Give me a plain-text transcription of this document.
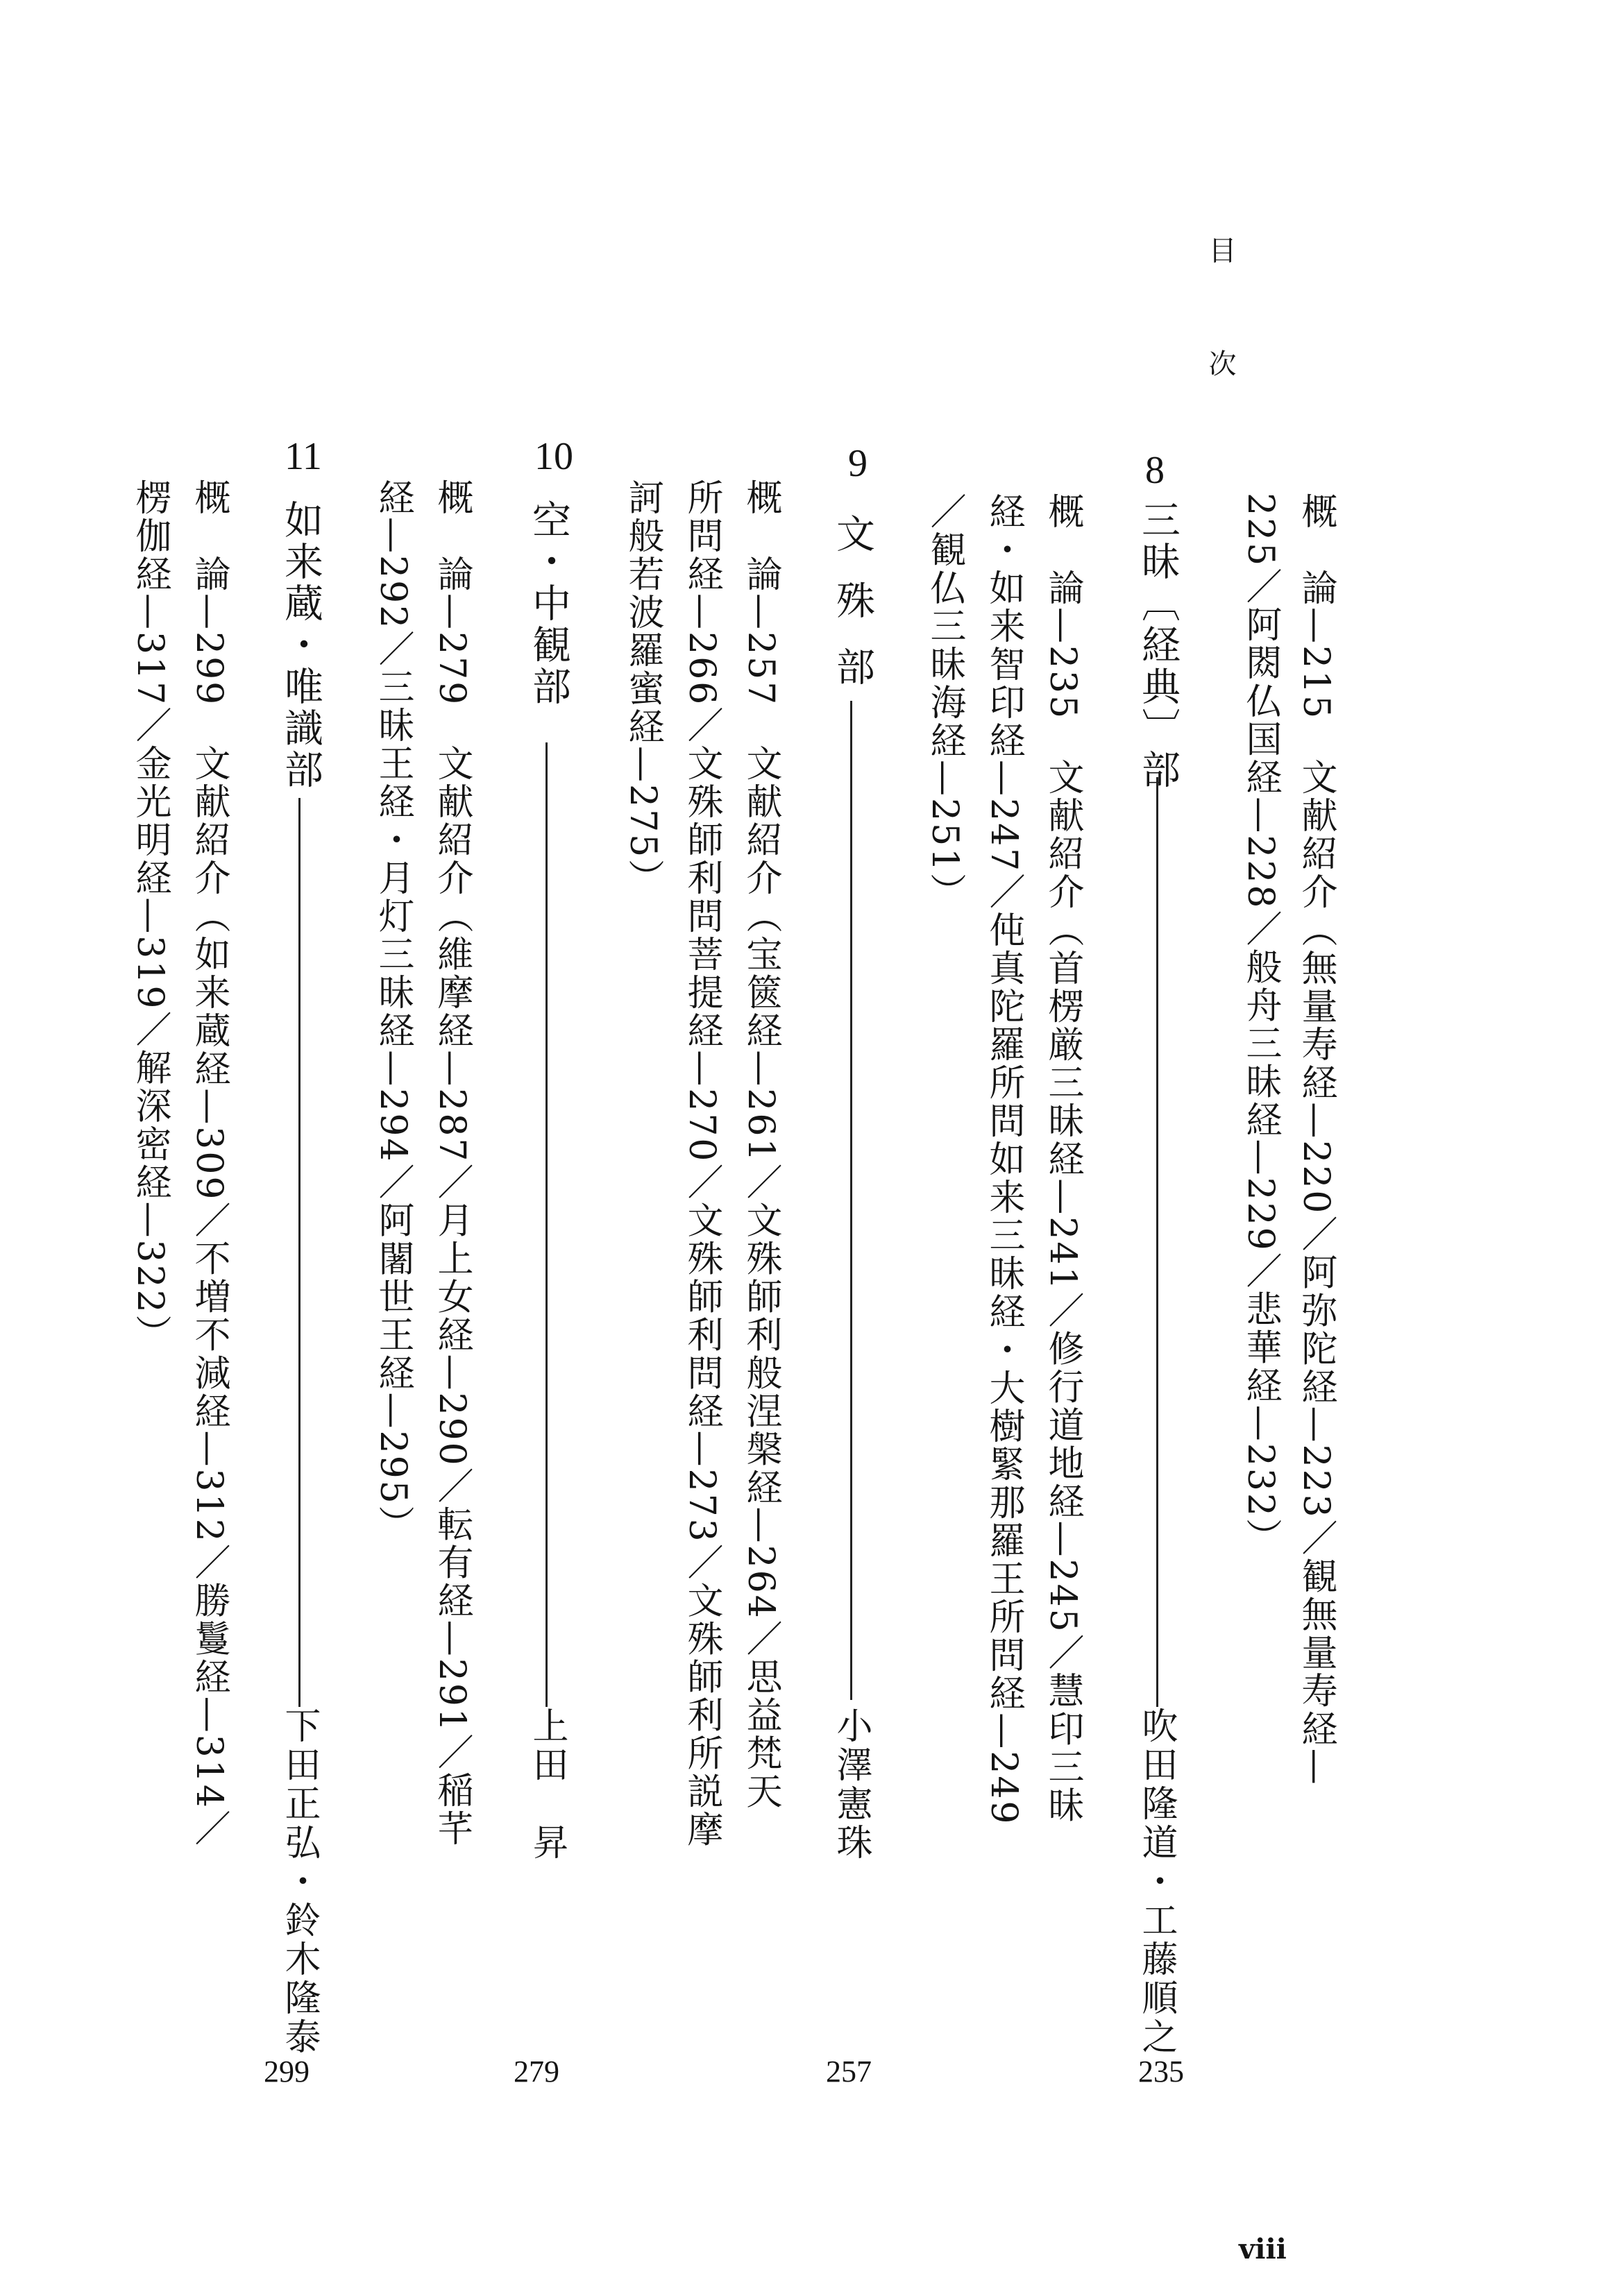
目 次
概　論—215　文献紹介（無量寿経—220／阿弥陀経—223／観無量寿経—
225／阿閦仏国経—228／般舟三昧経—229／悲華経—232）
8
三昧〔経典〕部
吹田隆道・工藤順之
235
概　論—235　文献紹介（首楞厳三昧経—241／修行道地経—245／慧印三昧
経・如来智印経—247／伅真陀羅所問如来三昧経・大樹緊那羅王所問経—249
／観仏三昧海経—251）
9
文殊部
小澤憲珠
257
概　論—257　文献紹介（宝篋経—261／文殊師利般涅槃経—264／思益梵天
所問経—266／文殊師利問菩提経—270／文殊師利問経—273／文殊師利所説摩
訶般若波羅蜜経—275）
10
空・中観部
上田　昇
279
概　論—279　文献紹介（維摩経—287／月上女経—290／転有経—291／稲芊
経—292／三昧王経・月灯三昧経—294／阿闍世王経—295）
11
如来蔵・唯識部
下田正弘・鈴木隆泰
299
概　論—299　文献紹介（如来蔵経—309／不増不減経—312／勝鬘経—314／
楞伽経—317／金光明経—319／解深密経—322）
viii
